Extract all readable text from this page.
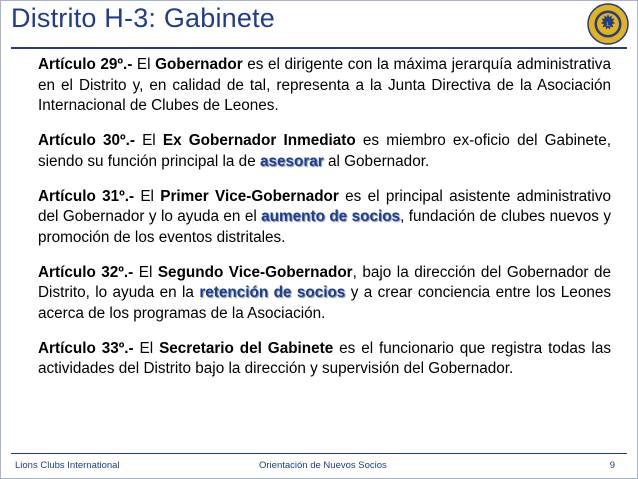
Distrito H-3: Gabinete	L

Artículo 29º.- El Gobernador es el dirigente con la máxima jerarquía administrativa en el Distrito y, en calidad de tal, representa a la Junta Directiva de la Asociación Internacional de Clubes de Leones.

Artículo 30º.- El Ex Gobernador Inmediato es miembro ex-oficio del Gabinete, siendo su función principal la de asesorar al Gobernador.

Artículo 31º.- El Primer Vice-Gobernador es el principal asistente administrativo del Gobernador y lo ayuda en el aumento de socios, fundación de clubes nuevos y promoción de los eventos distritales.

Artículo 32º.- El Segundo Vice-Gobernador, bajo la dirección del Gobernador de Distrito, lo ayuda en la retención de socios y a crear conciencia entre los Leones acerca de los programas de la Asociación.

Artículo 33º.- El Secretario del Gabinete es el funcionario que registra todas las actividades del Distrito bajo la dirección y supervisión del Gobernador.

Lions Clubs International	Orientación de Nuevos Socios	9
